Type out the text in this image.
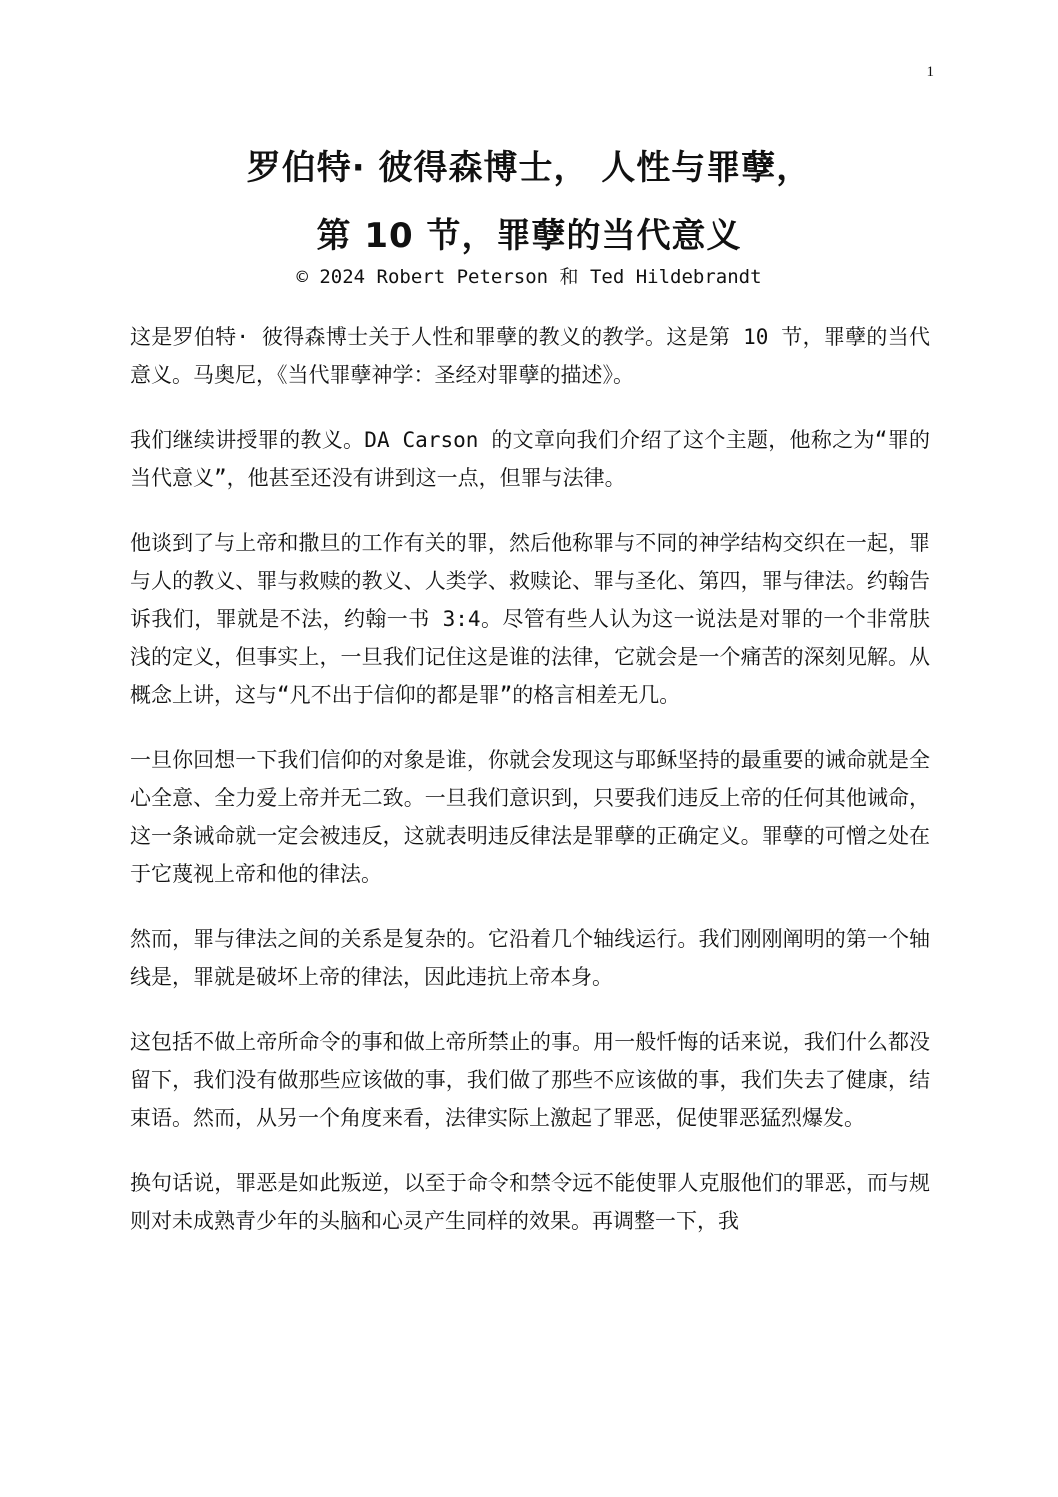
1
罗伯特· 彼得森博士， 人性与罪孽，
第 10 节，罪孽的当代意义
© 2024 Robert Peterson 和 Ted Hildebrandt

这是罗伯特· 彼得森博士关于人性和罪孽的教义的教学。这是第 10 节，罪孽的当代意义。马奥尼，《当代罪孽神学：圣经对罪孽的描述》。

我们继续讲授罪的教义。DA Carson 的文章向我们介绍了这个主题，他称之为“罪的当代意义”，他甚至还没有讲到这一点，但罪与法律。

他谈到了与上帝和撒旦的工作有关的罪，然后他称罪与不同的神学结构交织在一起，罪与人的教义、罪与救赎的教义、人类学、救赎论、罪与圣化、第四，罪与律法。约翰告诉我们，罪就是不法，约翰一书 3:4。尽管有些人认为这一说法是对罪的一个非常肤浅的定义，但事实上，一旦我们记住这是谁的法律，它就会是一个痛苦的深刻见解。从概念上讲，这与“凡不出于信仰的都是罪”的格言相差无几。

一旦你回想一下我们信仰的对象是谁，你就会发现这与耶稣坚持的最重要的诫命就是全心全意、全力爱上帝并无二致。一旦我们意识到，只要我们违反上帝的任何其他诫命，这一条诫命就一定会被违反，这就表明违反律法是罪孽的正确定义。罪孽的可憎之处在于它蔑视上帝和他的律法。

然而，罪与律法之间的关系是复杂的。它沿着几个轴线运行。我们刚刚阐明的第一个轴线是，罪就是破坏上帝的律法，因此违抗上帝本身。

这包括不做上帝所命令的事和做上帝所禁止的事。用一般忏悔的话来说，我们什么都没留下，我们没有做那些应该做的事，我们做了那些不应该做的事，我们失去了健康，结束语。然而，从另一个角度来看，法律实际上激起了罪恶，促使罪恶猛烈爆发。

换句话说，罪恶是如此叛逆，以至于命令和禁令远不能使罪人克服他们的罪恶，而与规则对未成熟青少年的头脑和心灵产生同样的效果。再调整一下，我
